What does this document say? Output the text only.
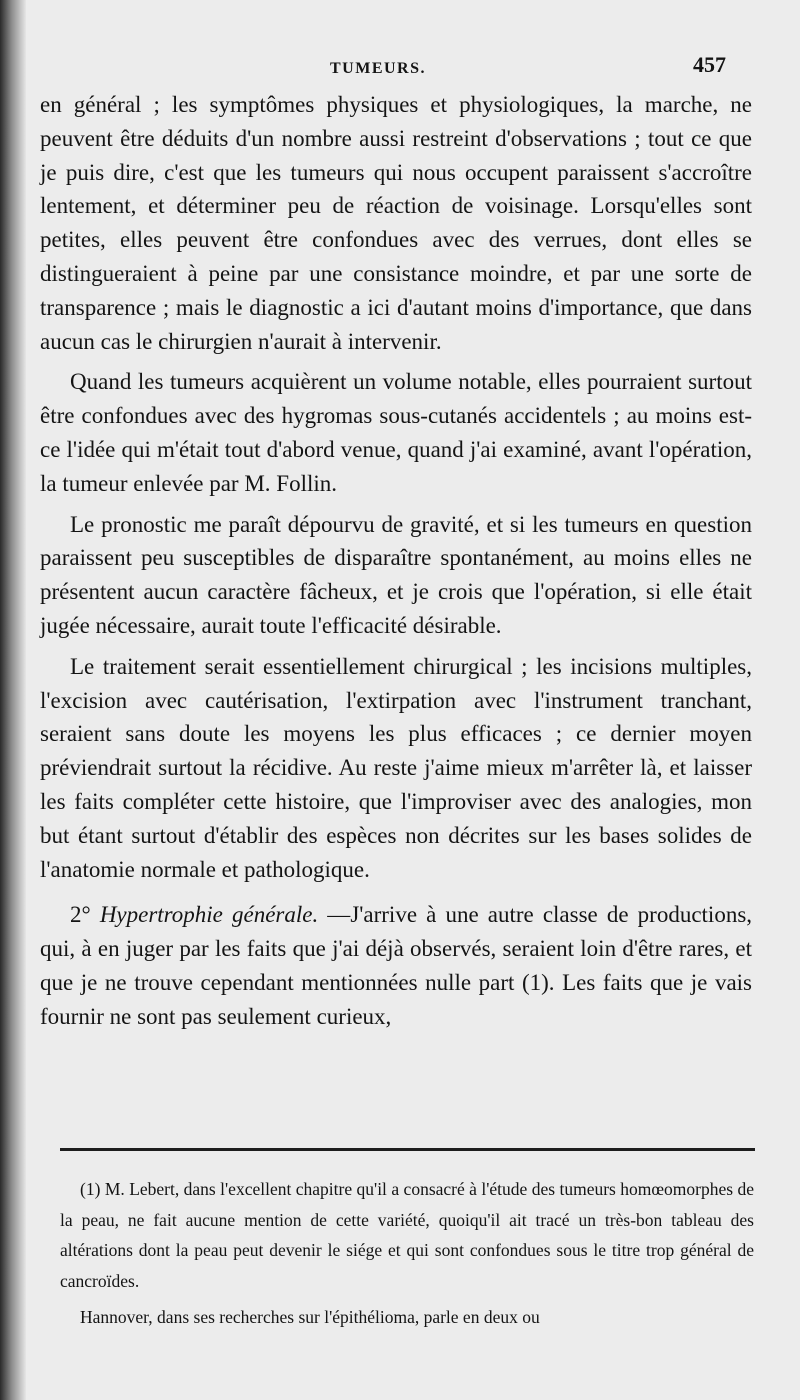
TUMEURS.	457

en général ; les symptômes physiques et physiologiques, la marche, ne peuvent être déduits d'un nombre aussi restreint d'observations ; tout ce que je puis dire, c'est que les tumeurs qui nous occupent paraissent s'accroître lentement, et déterminer peu de réaction de voisinage. Lorsqu'elles sont petites, elles peuvent être confondues avec des verrues, dont elles se distingueraient à peine par une consistance moindre, et par une sorte de transparence ; mais le diagnostic a ici d'autant moins d'importance, que dans aucun cas le chirurgien n'aurait à intervenir.

Quand les tumeurs acquièrent un volume notable, elles pourraient surtout être confondues avec des hygromas sous-cutanés accidentels ; au moins est-ce l'idée qui m'était tout d'abord venue, quand j'ai examiné, avant l'opération, la tumeur enlevée par M. Follin.

Le pronostic me paraît dépourvu de gravité, et si les tumeurs en question paraissent peu susceptibles de disparaître spontanément, au moins elles ne présentent aucun caractère fâcheux, et je crois que l'opération, si elle était jugée nécessaire, aurait toute l'efficacité désirable.

Le traitement serait essentiellement chirurgical ; les incisions multiples, l'excision avec cautérisation, l'extirpation avec l'instrument tranchant, seraient sans doute les moyens les plus efficaces ; ce dernier moyen préviendrait surtout la récidive. Au reste j'aime mieux m'arrêter là, et laisser les faits compléter cette histoire, que l'improviser avec des analogies, mon but étant surtout d'établir des espèces non décrites sur les bases solides de l'anatomie normale et pathologique.

2° Hypertrophie générale. —J'arrive à une autre classe de productions, qui, à en juger par les faits que j'ai déjà observés, seraient loin d'être rares, et que je ne trouve cependant mentionnées nulle part (1). Les faits que je vais fournir ne sont pas seulement curieux,

(1) M. Lebert, dans l'excellent chapitre qu'il a consacré à l'étude des tumeurs homœomorphes de la peau, ne fait aucune mention de cette variété, quoiqu'il ait tracé un très-bon tableau des altérations dont la peau peut devenir le siége et qui sont confondues sous le titre trop général de cancroïdes.

Hannover, dans ses recherches sur l'épithélioma, parle en deux ou
